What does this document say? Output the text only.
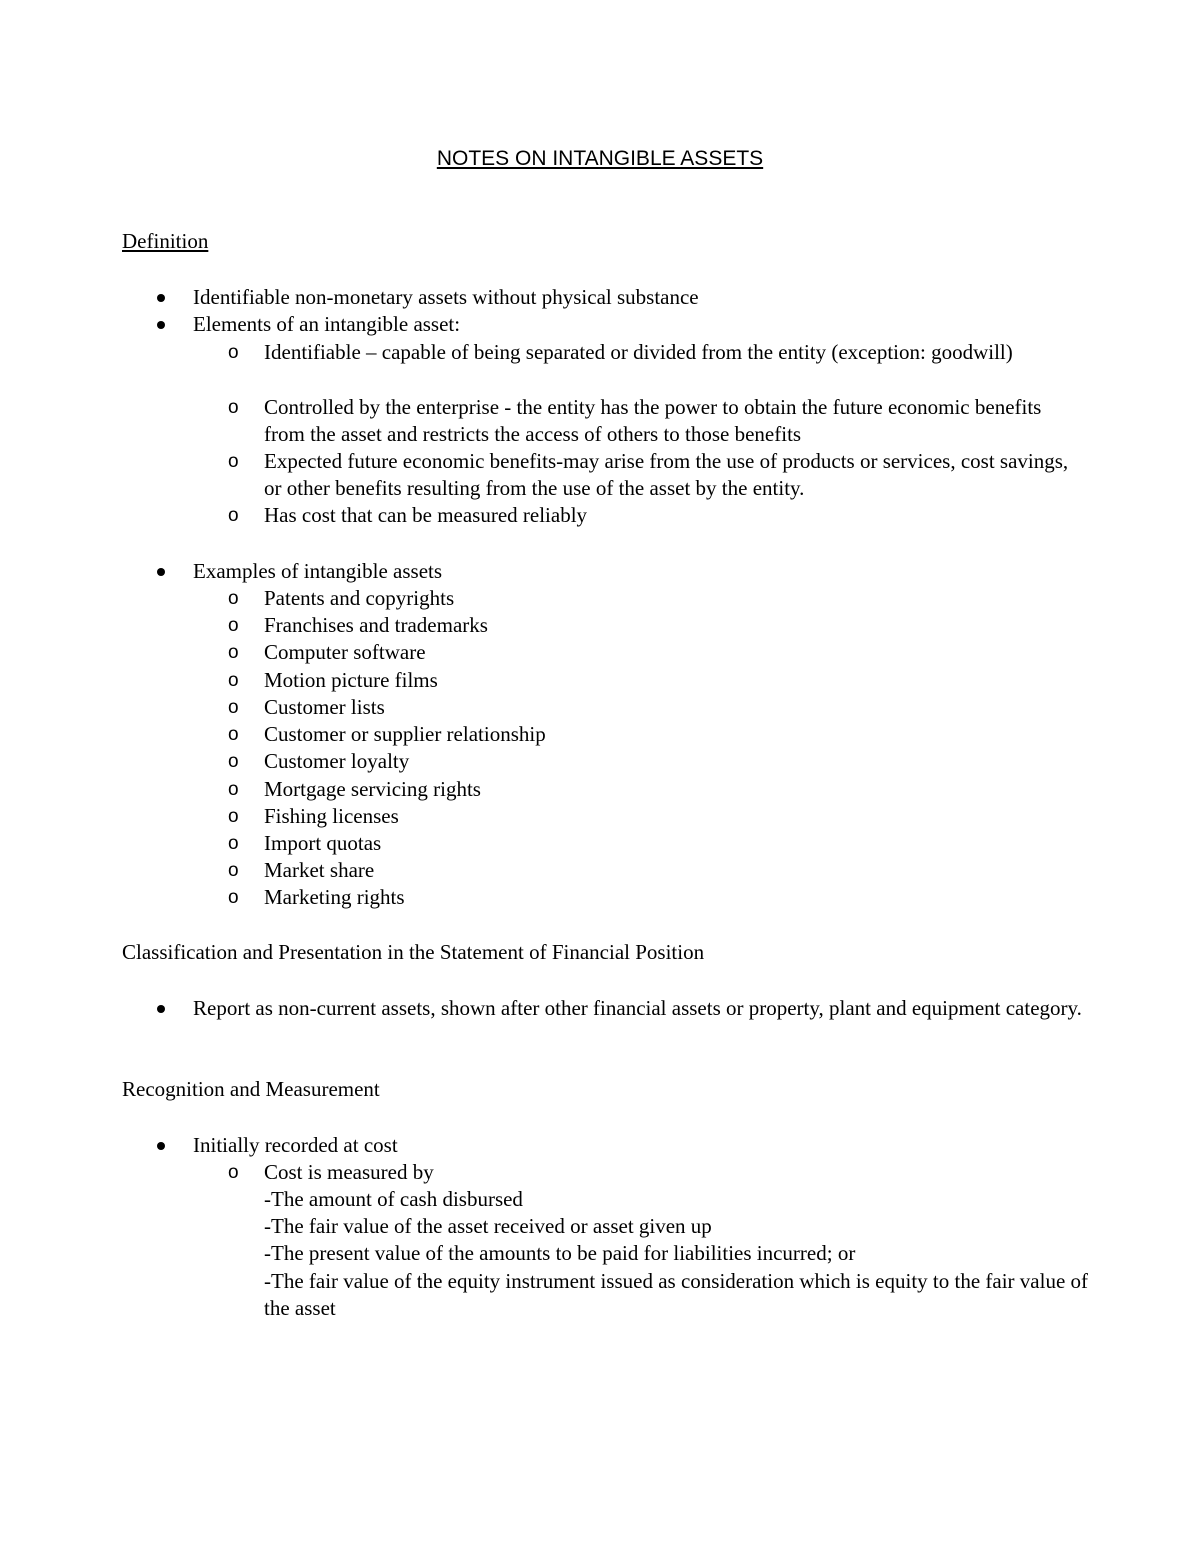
NOTES ON INTANGIBLE ASSETS
Definition

Identifiable non-monetary assets without physical substance

Elements of an intangible asset:

o Identifiable – capable of being separated or divided from the entity (exception: goodwill)

o Controlled by the enterprise - the entity has the power to obtain the future economic benefits from the asset and restricts the access of others to those benefits

o Expected future economic benefits-may arise from the use of products or services, cost savings, or other benefits resulting from the use of the asset by the entity.

o Has cost that can be measured reliably

Examples of intangible assets

o Patents and copyrights

o Franchises and trademarks

o Computer software

o Motion picture films

o Customer lists

o Customer or supplier relationship

o Customer loyalty

o Mortgage servicing rights

o Fishing licenses

o Import quotas

o Market share

o Marketing rights

Classification and Presentation in the Statement of Financial Position

Report as non-current assets, shown after other financial assets or property, plant and equipment category.

Recognition and Measurement

Initially recorded at cost

o Cost is measured by

-The amount of cash disbursed

-The fair value of the asset received or asset given up

-The present value of the amounts to be paid for liabilities incurred; or

-The fair value of the equity instrument issued as consideration which is equity to the fair value of the asset
